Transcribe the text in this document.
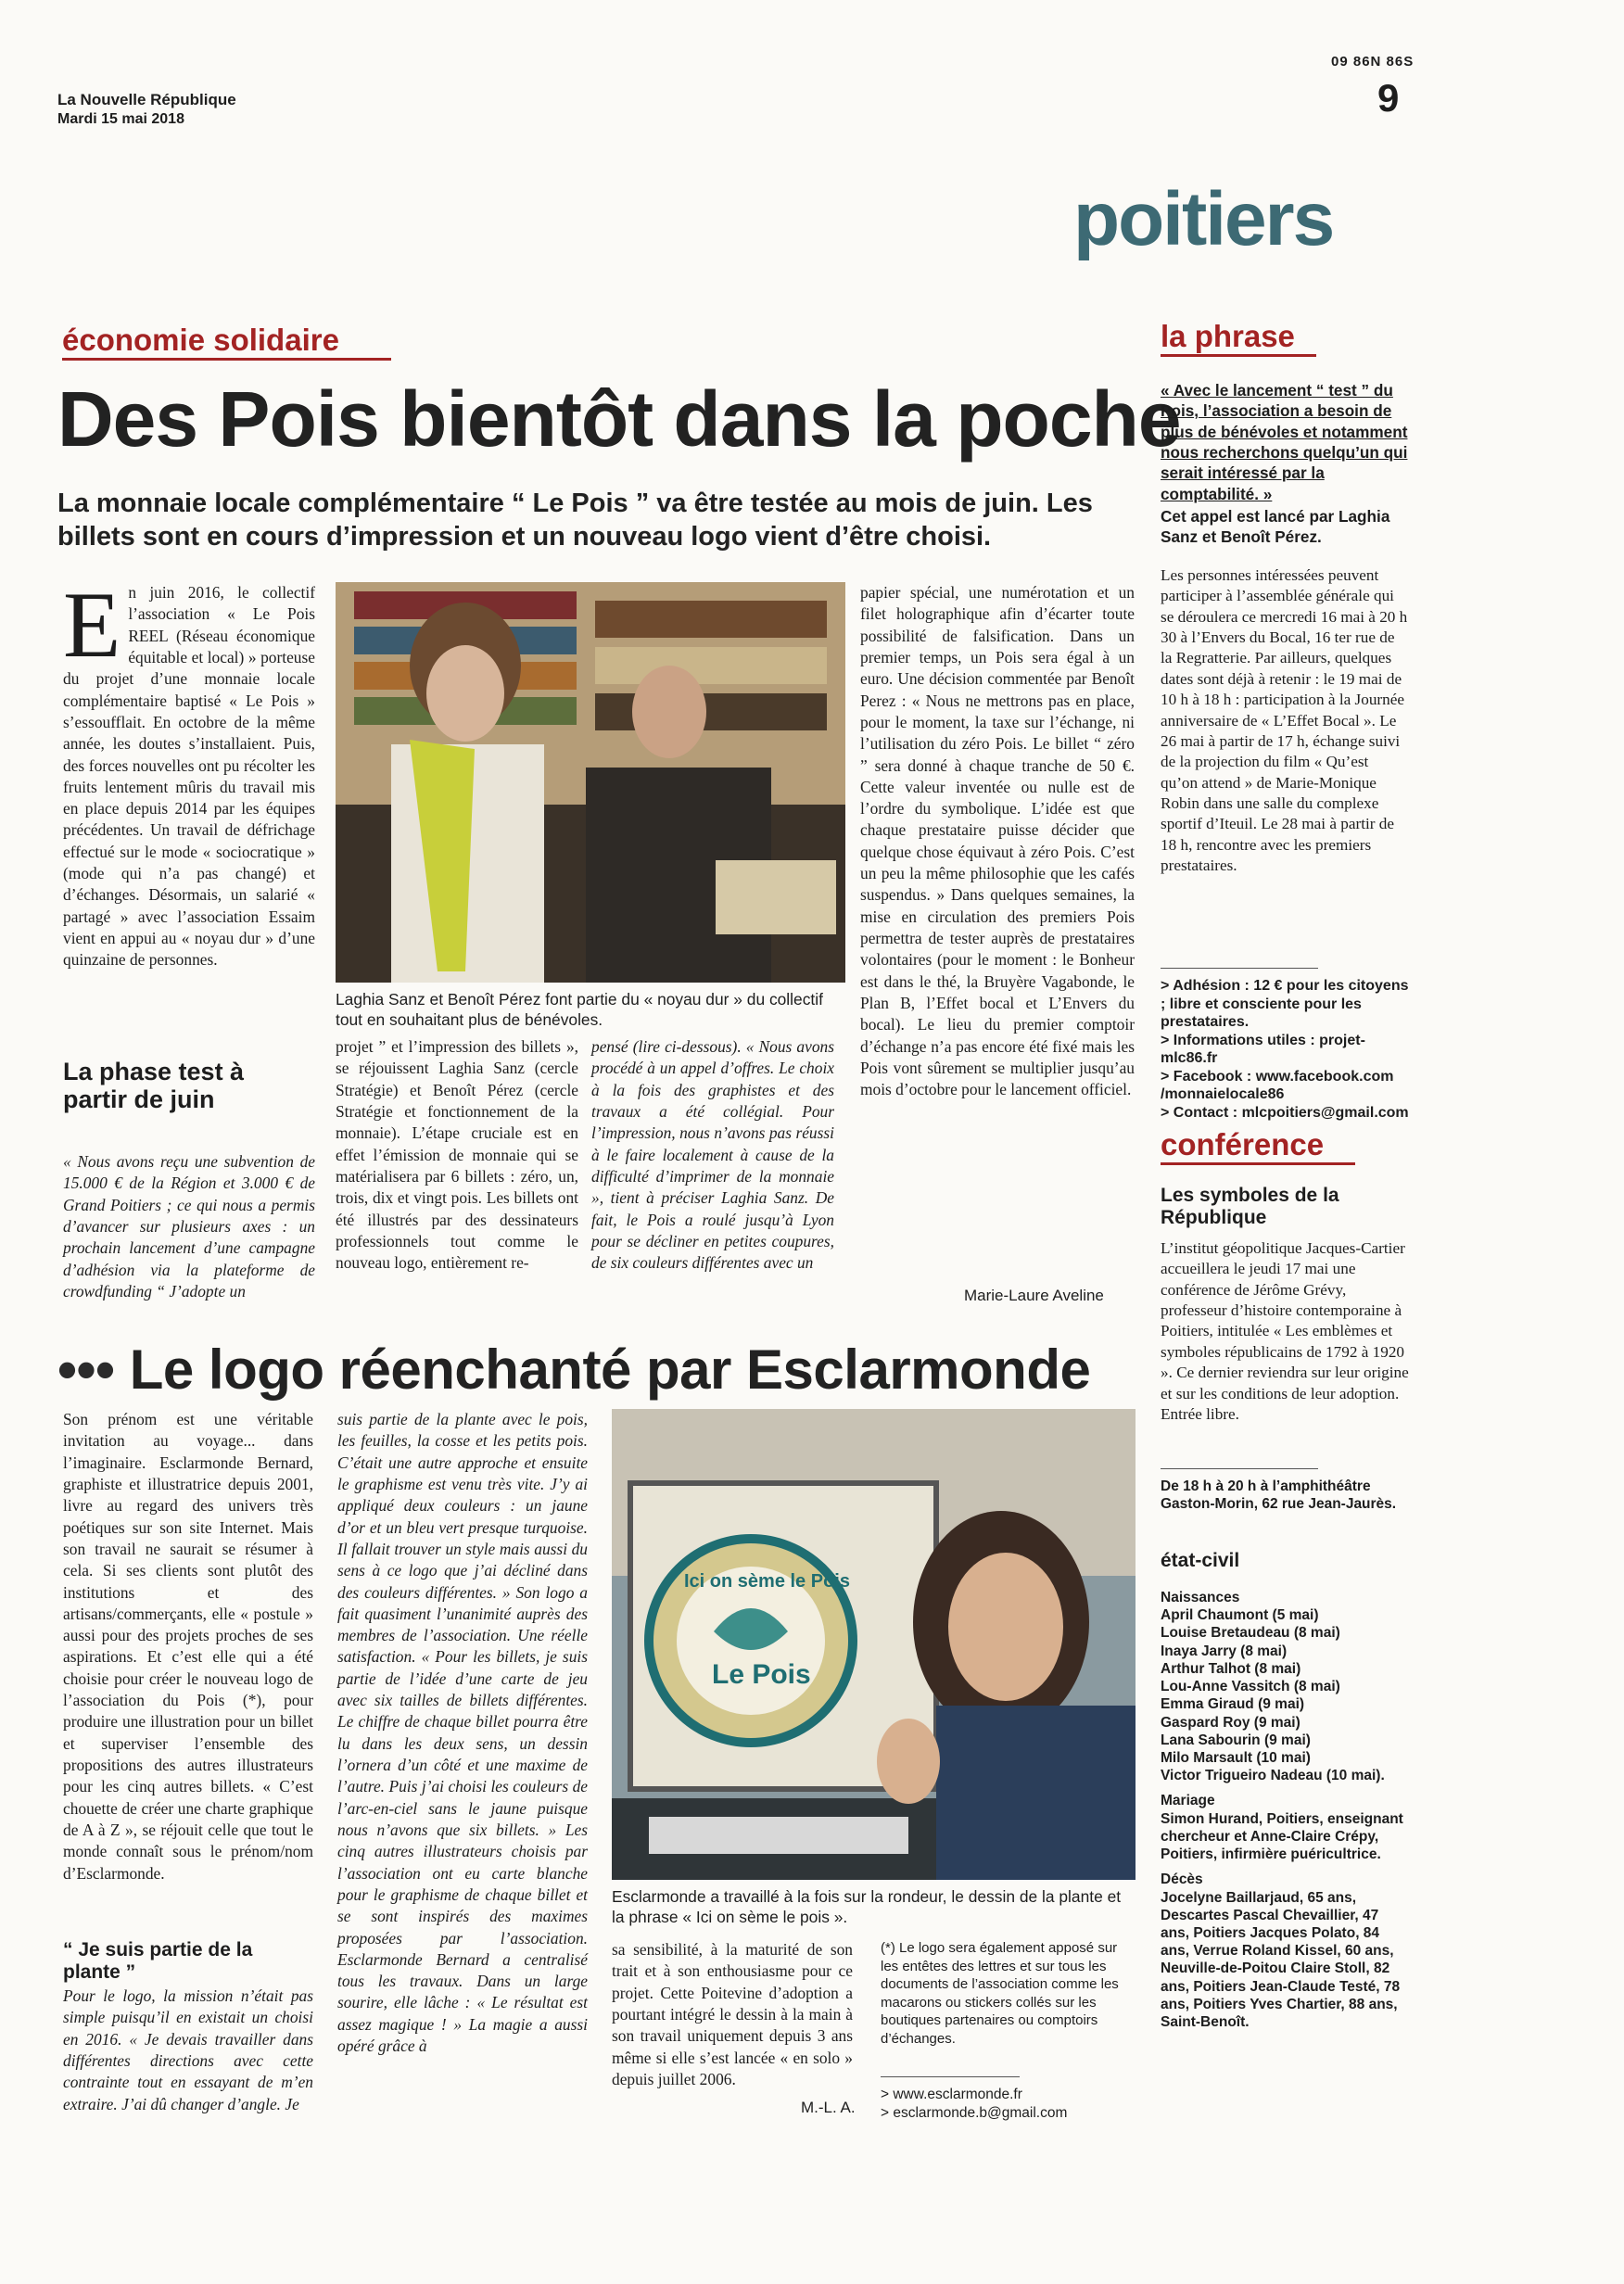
La Nouvelle République
Mardi 15 mai 2018
09 86N 86S
9
poitiers
économie solidaire
Des Pois bientôt dans la poche
La monnaie locale complémentaire “ Le Pois ” va être testée au mois de juin. Les billets sont en cours d’impression et un nouveau logo vient d’être choisi.
E n juin 2016, le collectif l’association « Le Pois REEL (Réseau économique équitable et local) » porteuse du projet d’une monnaie locale complémentaire baptisé « Le Pois » s’essoufflait. En octobre de la même année, les doutes s’installaient. Puis, des forces nouvelles ont pu récolter les fruits lentement mûris du travail mis en place depuis 2014 par les équipes précédentes. Un travail de défrichage effectué sur le mode « sociocratique » (mode qui n’a pas changé) et d’échanges. Désormais, un salarié « partagé » avec l’association Essaim vient en appui au « noyau dur » d’une quinzaine de personnes.

La phase test à partir de juin
« Nous avons reçu une subvention de 15.000 € de la Région et 3.000 € de Grand Poitiers ; ce qui nous a permis d’avancer sur plusieurs axes : un prochain lancement d’une campagne d’adhésion via la plateforme de crowdfunding “ J’adopte un
Laghia Sanz et Benoît Pérez font partie du « noyau dur » du collectif tout en souhaitant plus de bénévoles.
projet ” et l’impression des billets », se réjouissent Laghia Sanz (cercle Stratégie) et Benoît Pérez (cercle Stratégie et fonctionnement de la monnaie). L’étape cruciale est en effet l’émission de monnaie qui se matérialisera par 6 billets : zéro, un, trois, dix et vingt pois. Les billets ont été illustrés par des dessinateurs professionnels tout comme le nouveau logo, entièrement re-
pensé (lire ci-dessous). « Nous avons procédé à un appel d’offres. Le choix à la fois des graphistes et des travaux a été collégial. Pour l’impression, nous n’avons pas réussi à le faire localement à cause de la difficulté d’imprimer de la monnaie », tient à préciser Laghia Sanz. De fait, le Pois a roulé jusqu’à Lyon pour se décliner en petites coupures, de six couleurs différentes avec un
papier spécial, une numérotation et un filet holographique afin d’écarter toute possibilité de falsification. Dans un premier temps, un Pois sera égal à un euro. Une décision commentée par Benoît Perez : « Nous ne mettrons pas en place, pour le moment, la taxe sur l’échange, ni l’utilisation du zéro Pois. Le billet “ zéro ” sera donné à chaque tranche de 50 €. Cette valeur inventée ou nulle est de l’ordre du symbolique. L’idée est que chaque prestataire puisse décider que quelque chose équivaut à zéro Pois. C’est un peu la même philosophie que les cafés suspendus. » Dans quelques semaines, la mise en circulation des premiers Pois permettra de tester auprès de prestataires volontaires (pour le moment : le Bonheur est dans le thé, la Bruyère Vagabonde, le Plan B, l’Effet bocal et L’Envers du bocal). Le lieu du premier comptoir d’échange n’a pas encore été fixé mais les Pois vont sûrement se multiplier jusqu’au mois d’octobre pour le lancement officiel.
Marie-Laure Aveline
la phrase
« Avec le lancement “ test ” du Pois, l’association a besoin de plus de bénévoles et notamment nous recherchons quelqu’un qui serait intéressé par la comptabilité. »
Cet appel est lancé par Laghia Sanz et Benoît Pérez.
Les personnes intéressées peuvent participer à l’assemblée générale qui se déroulera ce mercredi 16 mai à 20 h 30 à l’Envers du Bocal, 16 ter rue de la Regratterie. Par ailleurs, quelques dates sont déjà à retenir : le 19 mai de 10 h à 18 h : participation à la Journée anniversaire de « L’Effet Bocal ». Le 26 mai à partir de 17 h, échange suivi de la projection du film « Qu’est qu’on attend » de Marie-Monique Robin dans une salle du complexe sportif d’Iteuil. Le 28 mai à partir de 18 h, rencontre avec les premiers prestataires.
> Adhésion : 12 € pour les citoyens ; libre et consciente pour les prestataires.
> Informations utiles : projet-mlc86.fr
> Facebook : www.facebook.com /monnaielocale86
> Contact : mlcpoitiers@gmail.com
conférence
Les symboles de la République
L’institut géopolitique Jacques-Cartier accueillera le jeudi 17 mai une conférence de Jérôme Grévy, professeur d’histoire contemporaine à Poitiers, intitulée « Les emblèmes et symboles républicains de 1792 à 1920 ». Ce dernier reviendra sur leur origine et sur les conditions de leur adoption. Entrée libre.
De 18 h à 20 h à l’amphithéâtre Gaston-Morin, 62 rue Jean-Jaurès.
état-civil
Naissances
April Chaumont (5 mai)
Louise Bretaudeau (8 mai)
Inaya Jarry (8 mai)
Arthur Talhot (8 mai)
Lou-Anne Vassitch (8 mai)
Emma Giraud (9 mai)
Gaspard Roy (9 mai)
Lana Sabourin (9 mai)
Milo Marsault (10 mai)
Victor Trigueiro Nadeau (10 mai).
Mariage
Simon Hurand, Poitiers, enseignant chercheur et Anne-Claire Crépy, Poitiers, infirmière puéricultrice.
Décès
Jocelyne Baillarjaud, 65 ans, Descartes Pascal Chevaillier, 47 ans, Poitiers Jacques Polato, 84 ans, Verrue Roland Kissel, 60 ans, Neuville-de-Poitou Claire Stoll, 82 ans, Poitiers Jean-Claude Testé, 78 ans, Poitiers Yves Chartier, 88 ans, Saint-Benoît.
••• Le logo réenchanté par Esclarmonde
Son prénom est une véritable invitation au voyage... dans l’imaginaire. Esclarmonde Bernard, graphiste et illustratrice depuis 2001, livre au regard des univers très poétiques sur son site Internet. Mais son travail ne saurait se résumer à cela. Si ses clients sont plutôt des institutions et des artisans/commerçants, elle « postule » aussi pour des projets proches de ses aspirations. Et c’est elle qui a été choisie pour créer le nouveau logo de l’association du Pois (*), pour produire une illustration pour un billet et superviser l’ensemble des propositions des autres illustrateurs pour les cinq autres billets. « C’est chouette de créer une charte graphique de A à Z », se réjouit celle que tout le monde connaît sous le prénom/nom d’Esclarmonde.
“ Je suis partie de la plante ”

Pour le logo, la mission n’était pas simple puisqu’il en existait un choisi en 2016. « Je devais travailler dans différentes directions avec cette contrainte tout en essayant de m’en extraire. J’ai dû changer d’angle. Je

suis partie de la plante avec le pois, les feuilles, la cosse et les petits pois. C’était une autre approche et ensuite le graphisme est venu très vite. J’y ai appliqué deux couleurs : un jaune d’or et un bleu vert presque turquoise. Il fallait trouver un style mais aussi du sens à ce logo que j’ai décliné dans des couleurs différentes. » Son logo a fait quasiment l’unanimité auprès des membres de l’association. Une réelle satisfaction. « Pour les billets, je suis partie de l’idée d’une carte de jeu avec six tailles de billets différentes. Le chiffre de chaque billet pourra être lu dans les deux sens, un dessin l’ornera d’un côté et une maxime de l’autre. Puis j’ai choisi les couleurs de l’arc-en-ciel sans le jaune puisque nous n’avons que six billets. » Les cinq autres illustrateurs choisis par l’association ont eu carte blanche pour le graphisme de chaque billet et se sont inspirés des maximes proposées par l’association. Esclarmonde Bernard a centralisé tous les travaux. Dans un large sourire, elle lâche : « Le résultat est assez magique ! » La magie a aussi opéré grâce à
Ici on sème le Pois
Le Pois
Esclarmonde a travaillé à la fois sur la rondeur, le dessin de la plante et la phrase « Ici on sème le pois ».
sa sensibilité, à la maturité de son trait et à son enthousiasme pour ce projet. Cette Poitevine d’adoption a pourtant intégré le dessin à la main à son travail uniquement depuis 3 ans même si elle s’est lancée « en solo » depuis juillet 2006.
M.-L. A.
(*) Le logo sera également apposé sur les entêtes des lettres et sur tous les documents de l’association comme les macarons ou stickers collés sur les boutiques partenaires ou comptoirs d’échanges.
> www.esclarmonde.fr
> esclarmonde.b@gmail.com
